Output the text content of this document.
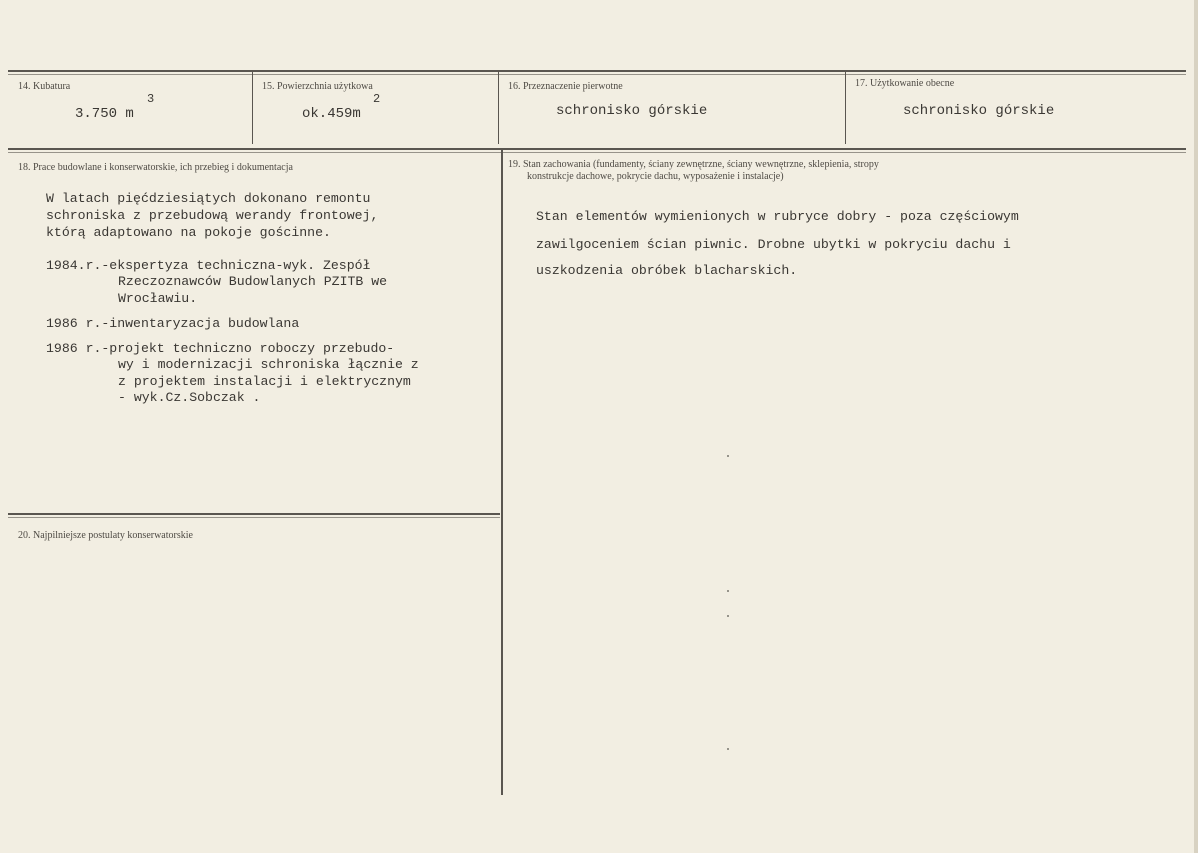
14. Kubatura
3.750 m
3
15. Powierzchnia użytkowa
ok.459m
2
16. Przeznaczenie pierwotne
schronisko górskie
17. Użytkowanie obecne
schronisko górskie
18. Prace budowlane i konserwatorskie, ich przebieg i dokumentacja
W latach pięćdziesiątych dokonano remontu
schroniska z przebudową werandy frontowej,
którą adaptowano na pokoje gościnne.
1984.r.-ekspertyza techniczna-wyk. Zespół
Rzeczoznawców Budowlanych PZITB we
Wrocławiu.
1986 r.-inwentaryzacja budowlana
1986 r.-projekt techniczno roboczy przebudo-
wy i modernizacji schroniska łącznie z
z projektem instalacji i elektrycznym
- wyk.Cz.Sobczak .
19. Stan zachowania (fundamenty, ściany zewnętrzne, ściany wewnętrzne, sklepienia, stropy
konstrukcje dachowe, pokrycie dachu, wyposażenie i instalacje)
Stan elementów wymienionych w rubryce dobry - poza częściowym
zawilgoceniem ścian piwnic. Drobne ubytki w pokryciu dachu i
uszkodzenia obróbek blacharskich.
20. Najpilniejsze postulaty konserwatorskie
